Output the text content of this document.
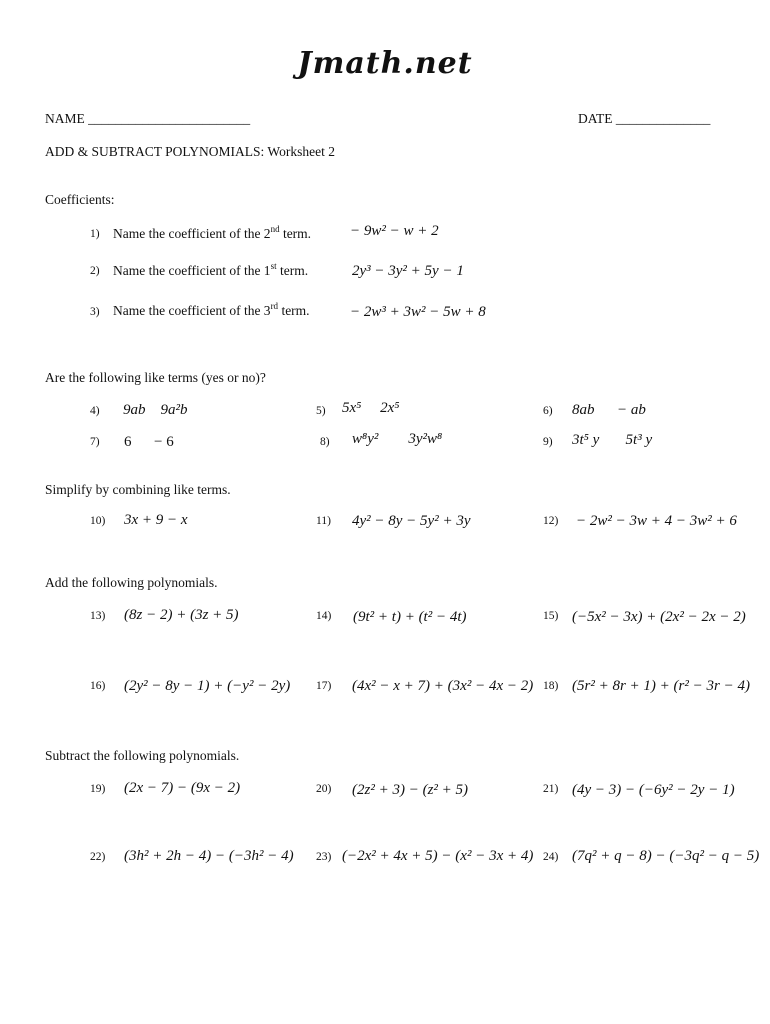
Jmath.net
NAME ________________________	DATE ______________
ADD & SUBTRACT POLYNOMIALS: Worksheet 2
Coefficients:
1) Name the coefficient of the 2nd term.	− 9w² − w + 2
2) Name the coefficient of the 1st term.	2y³ − 3y² + 5y − 1
3) Name the coefficient of the 3rd term.	− 2w³ + 3w² − 5w + 8
Are the following like terms (yes or no)?
4) 9ab    9a²b	5) 5x⁵     2x⁵	6) 8ab      − ab
7) 6      − 6	8) w⁸y²        3y²w⁸	9) 3t⁵ y       5t³ y
Simplify by combining like terms.
10) 3x + 9 − x	11) 4y² − 8y − 5y² + 3y	12) − 2w² − 3w + 4 − 3w² + 6
Add the following polynomials.
13) (8z − 2) + (3z + 5)	14) (9t² + t) + (t² − 4t)	15) (−5x² − 3x) + (2x² − 2x − 2)
16) (2y² − 8y − 1) + (−y² − 2y) 17) (4x² − x + 7) + (3x² − 4x − 2) 18) (5r² + 8r + 1) + (r² − 3r − 4)
Subtract the following polynomials.
19) (2x − 7) − (9x − 2)	20) (2z² + 3) − (z² + 5)	21) (4y − 3) − (−6y² − 2y − 1)
22) (3h² + 2h − 4) − (−3h² − 4) 23) (−2x² + 4x + 5) − (x² − 3x + 4) 24) (7q² + q − 8) − (−3q² − q − 5)
